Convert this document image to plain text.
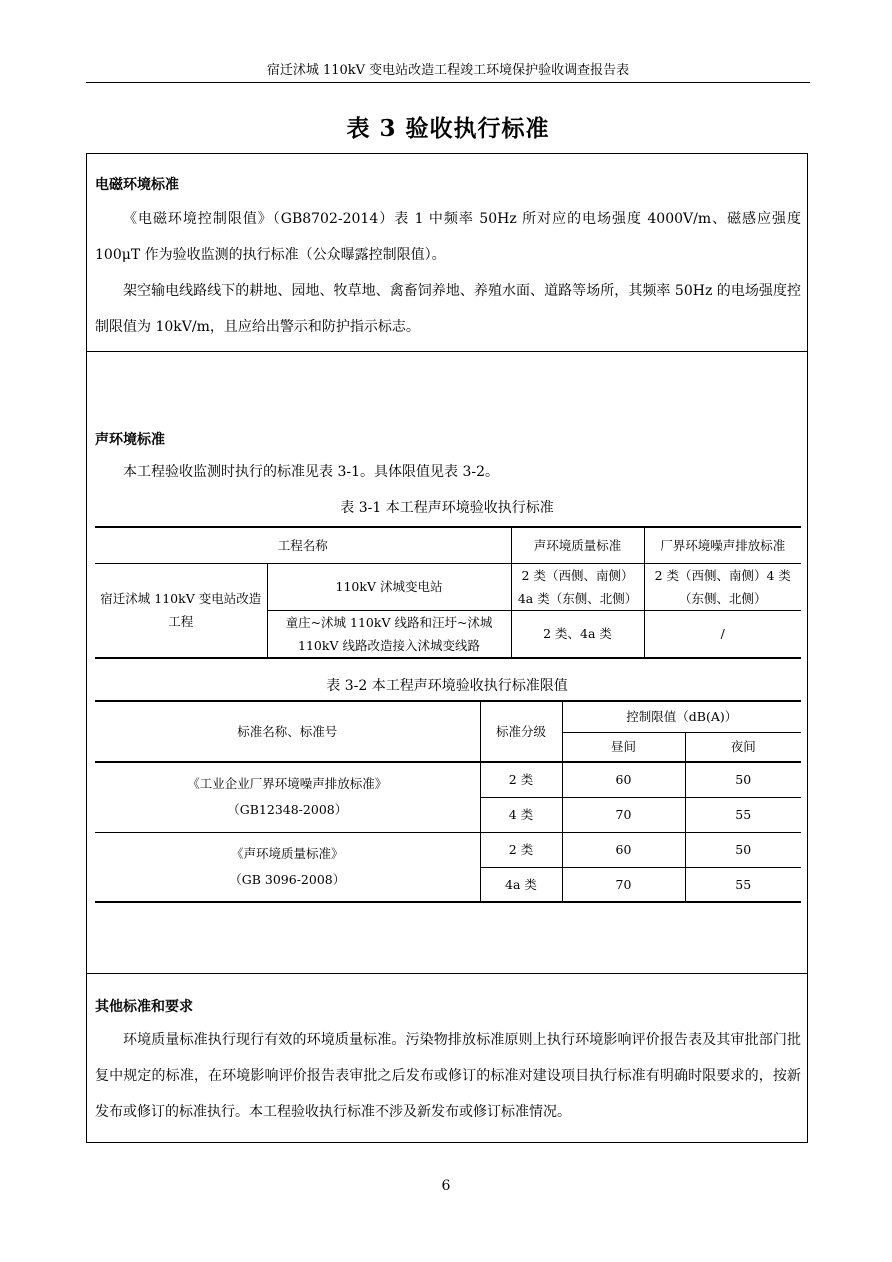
宿迁沭城 110kV 变电站改造工程竣工环境保护验收调查报告表
表 3 验收执行标准
电磁环境标准

《电磁环境控制限值》（GB8702-2014）表 1 中频率 50Hz 所对应的电场强度 4000V/m、磁感应强度 100μT 作为验收监测的执行标准（公众曝露控制限值）。

架空输电线路线下的耕地、园地、牧草地、禽畜饲养地、养殖水面、道路等场所，其频率 50Hz 的电场强度控制限值为 10kV/m，且应给出警示和防护指示标志。

声环境标准

本工程验收监测时执行的标准见表 3-1。具体限值见表 3-2。

表 3-1 本工程声环境验收执行标准
工程名称		声环境质量标准	厂界环境噪声排放标准
宿迁沭城 110kV 变电站改造工程	110kV 沭城变电站	2 类（西侧、南侧）4a 类（东侧、北侧）	2 类（西侧、南侧）4 类（东侧、北侧）
	童庄~沭城 110kV 线路和汪圩~沭城 110kV 线路改造接入沭城变线路	2 类、4a 类	/
表 3-2 本工程声环境验收执行标准限值
标准名称、标准号	标准分级	控制限值（dB(A)）	
		昼间	夜间

《工业企业厂界环境噪声排放标准》
（GB12348-2008）	2 类	60	50
	4 类	70	55

《声环境质量标准》
（GB 3096-2008）	2 类	60	50
	4a 类	70	55
其他标准和要求

环境质量标准执行现行有效的环境质量标准。污染物排放标准原则上执行环境影响评价报告表及其审批部门批复中规定的标准，在环境影响评价报告表审批之后发布或修订的标准对建设项目执行标准有明确时限要求的，按新发布或修订的标准执行。本工程验收执行标准不涉及新发布或修订标准情况。

6
